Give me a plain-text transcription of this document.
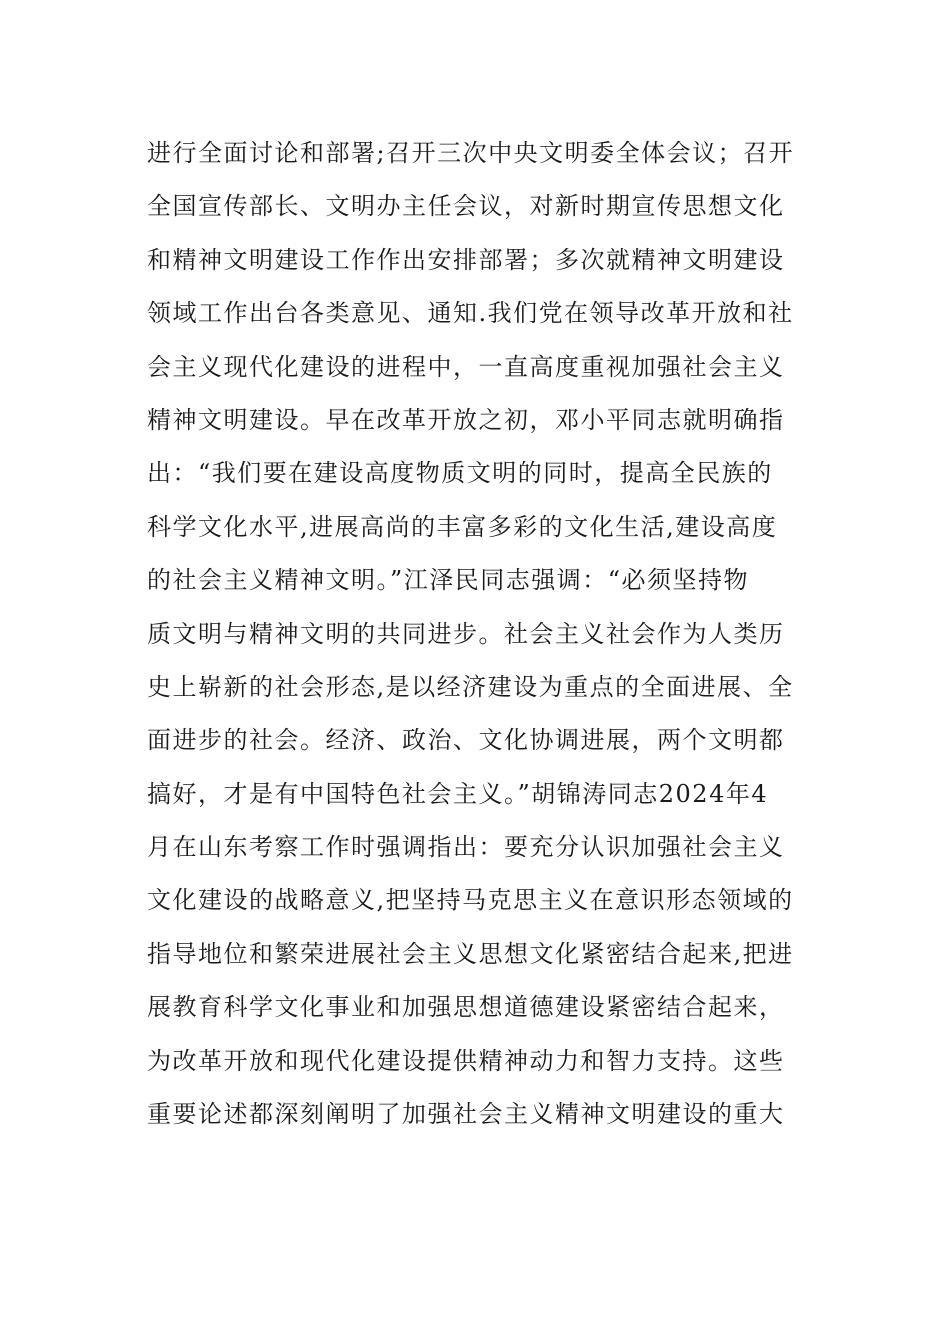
进行全面讨论和部署;召开三次中央文明委全体会议；召开
全国宣传部长、文明办主任会议，对新时期宣传思想文化
和精神文明建设工作作出安排部署；多次就精神文明建设
领域工作出台各类意见、通知.我们党在领导改革开放和社
会主义现代化建设的进程中，一直高度重视加强社会主义
精神文明建设。早在改革开放之初，邓小平同志就明确指
出：“我们要在建设高度物质文明的同时，提高全民族的
科学文化水平,进展高尚的丰富多彩的文化生活,建设高度
的社会主义精神文明。”江泽民同志强调：“必须坚持物
质文明与精神文明的共同进步。社会主义社会作为人类历
史上崭新的社会形态,是以经济建设为重点的全面进展、全
面进步的社会。经济、政治、文化协调进展，两个文明都
搞好，才是有中国特色社会主义。”胡锦涛同志2024年4
月在山东考察工作时强调指出：要充分认识加强社会主义
文化建设的战略意义,把坚持马克思主义在意识形态领域的
指导地位和繁荣进展社会主义思想文化紧密结合起来,把进
展教育科学文化事业和加强思想道德建设紧密结合起来，
为改革开放和现代化建设提供精神动力和智力支持。这些
重要论述都深刻阐明了加强社会主义精神文明建设的重大
